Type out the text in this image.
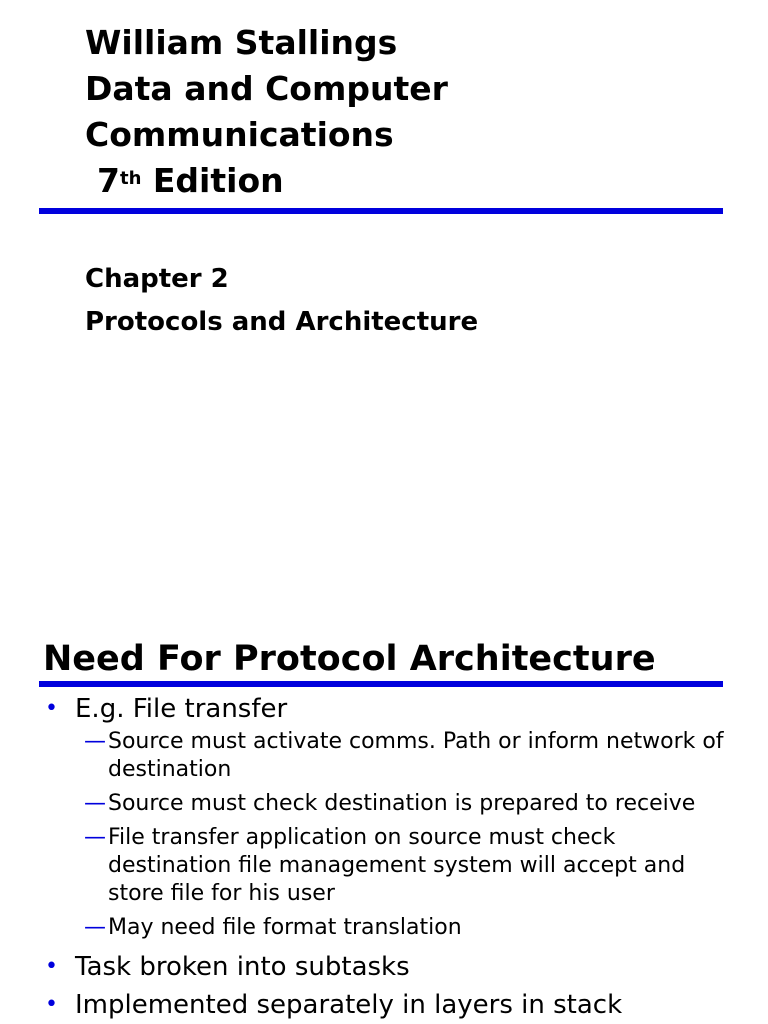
William Stallings
Data and Computer
Communications
7th Edition
Chapter 2
Protocols and Architecture
Need For Protocol Architecture
• E.g. File transfer
— Source must activate comms. Path or inform network of destination
— Source must check destination is prepared to receive
— File transfer application on source must check destination file management system will accept and store file for his user
— May need file format translation
• Task broken into subtasks
• Implemented separately in layers in stack
